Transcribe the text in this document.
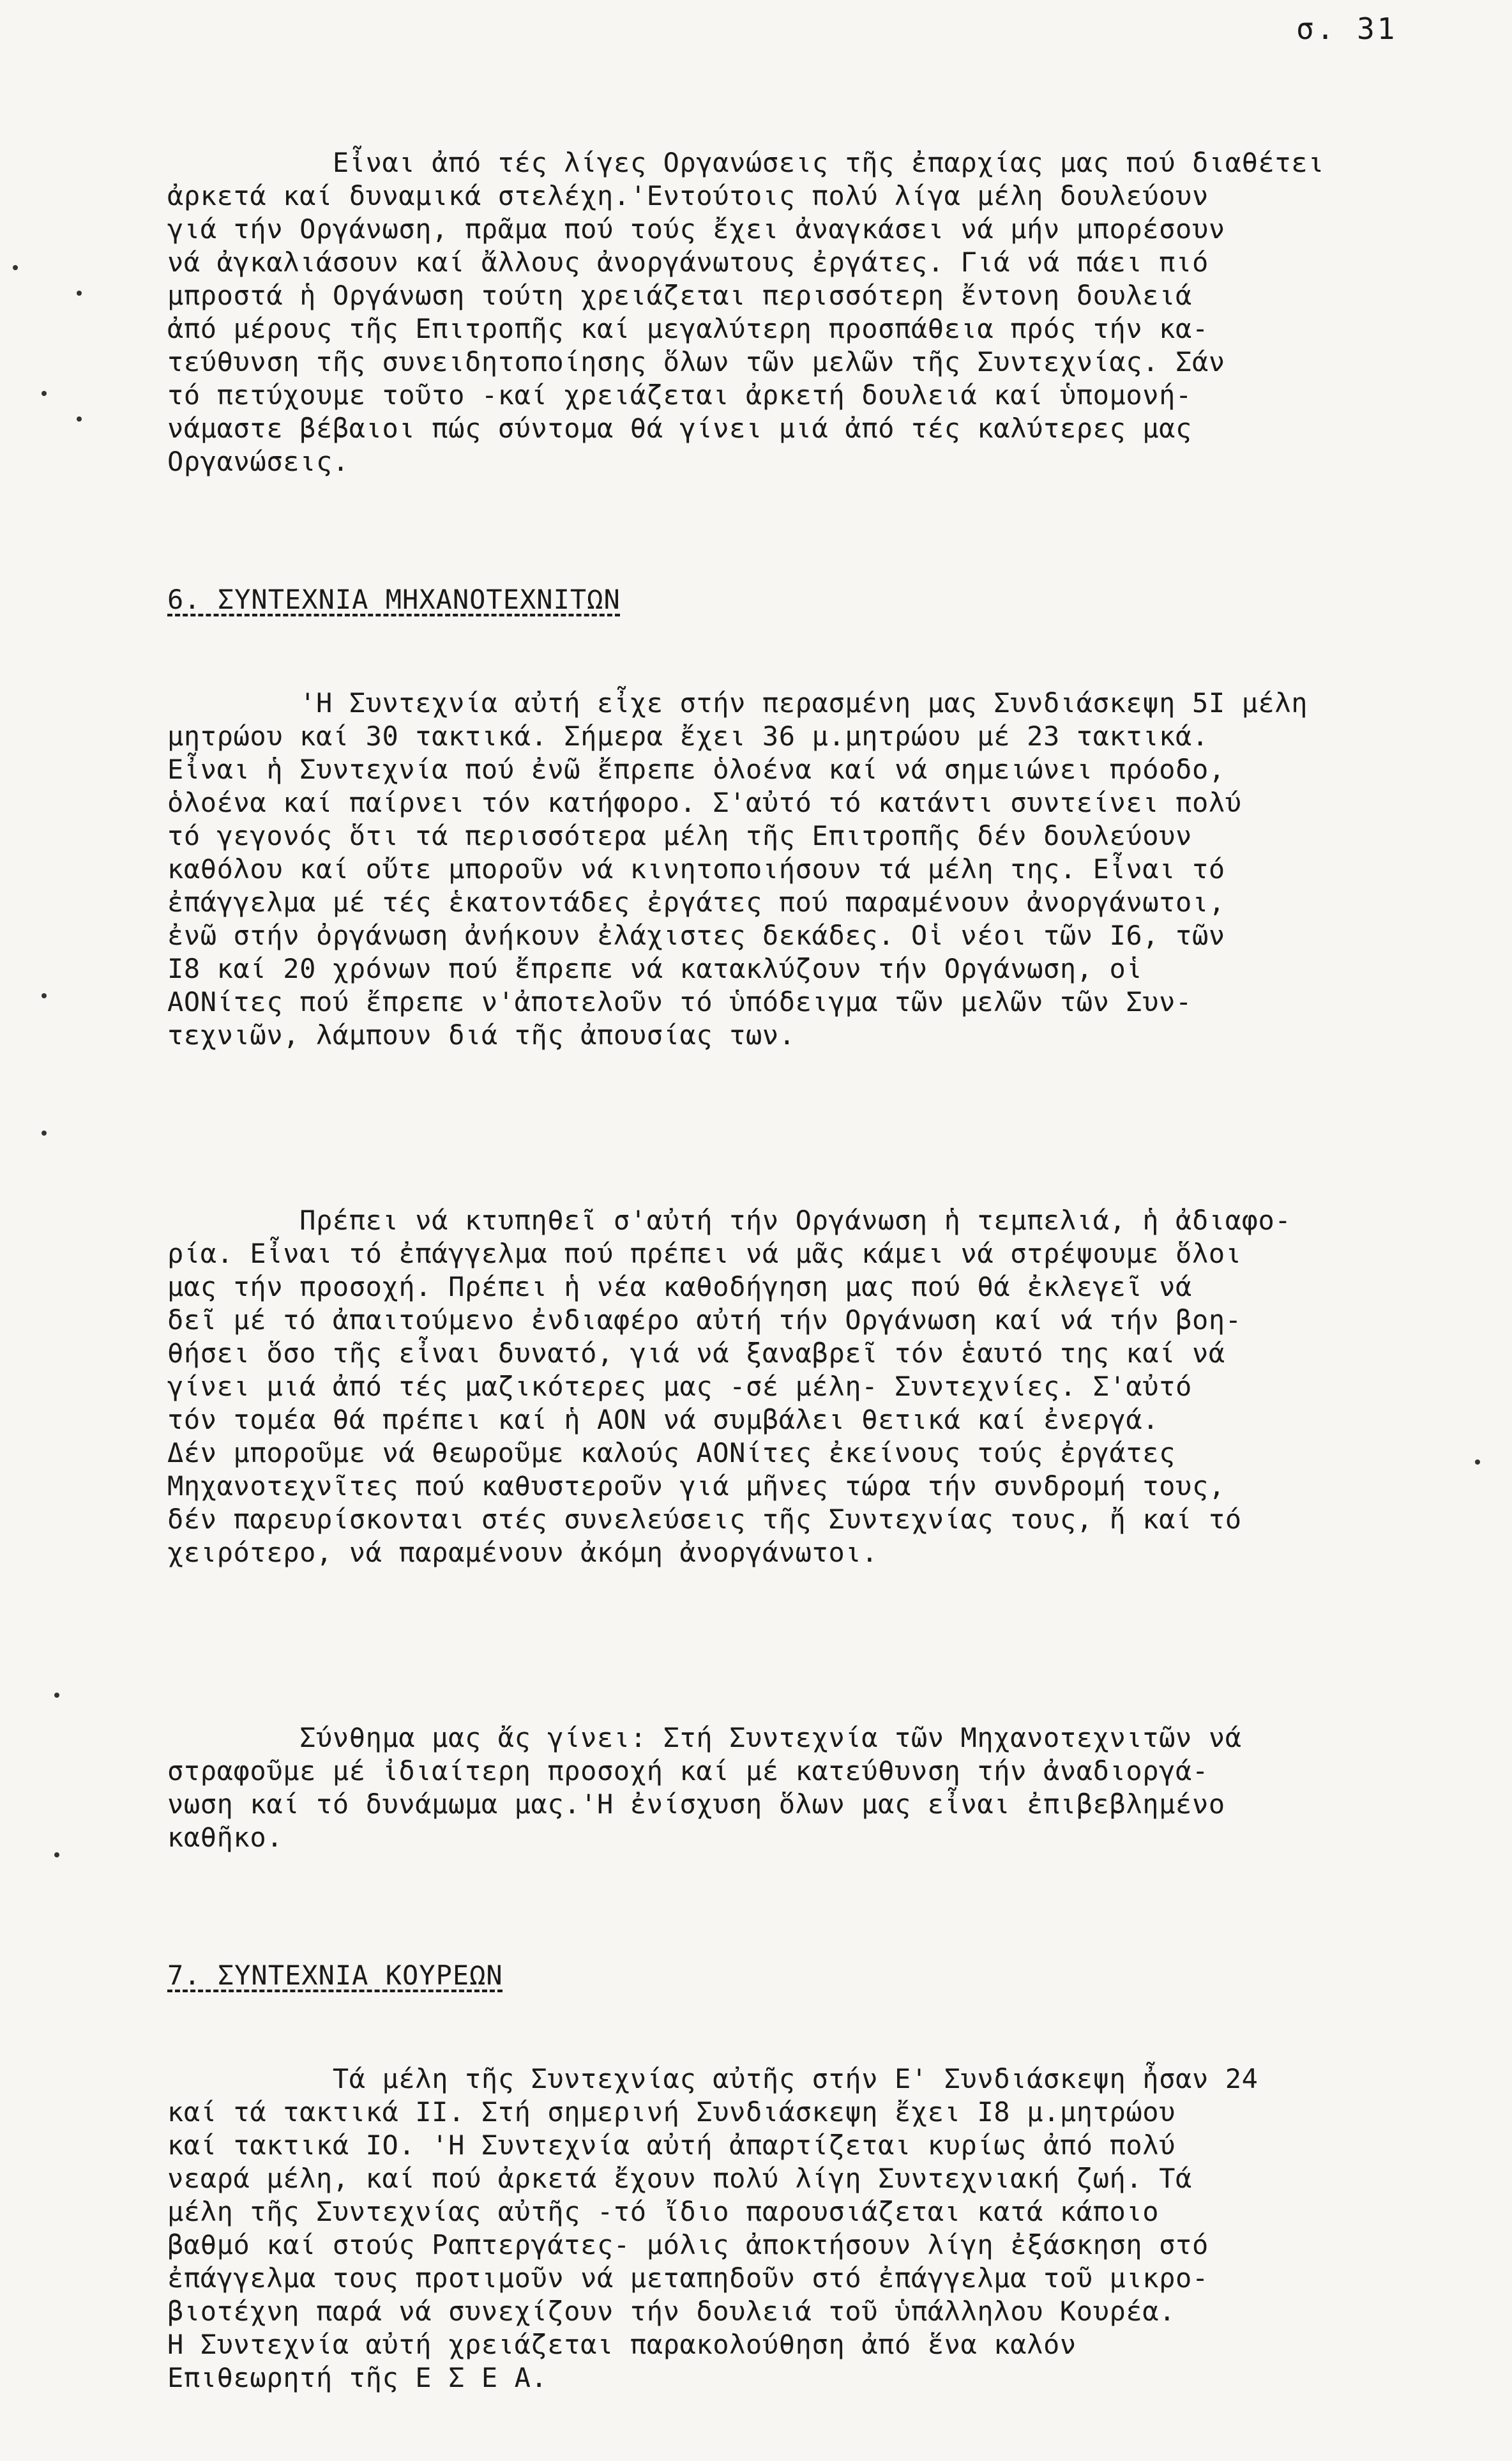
σ. 31

Εἶναι ἀπό τές λίγες Οργανώσεις τῆς ἐπαρχίας μας πού διαθέτει
ἀρκετά καί δυναμικά στελέχη.'Εντούτοις πολύ λίγα μέλη δουλεύουν
γιά τήν Οργάνωση, πρᾶμα πού τούς ἔχει ἀναγκάσει νά μήν μπορέσουν
νά ἀγκαλιάσουν καί ἄλλους ἀνοργάνωτους ἐργάτες. Γιά νά πάει πιό
μπροστά ἡ Οργάνωση τούτη χρειάζεται περισσότερη ἔντονη δουλειά
ἀπό μέρους τῆς Επιτροπῆς καί μεγαλύτερη προσπάθεια πρός τήν κα-
τεύθυνση τῆς συνειδητοποίησης ὅλων τῶν μελῶν τῆς Συντεχνίας. Σάν
τό πετύχουμε τοῦτο -καί χρειάζεται ἀρκετή δουλειά καί ὑπομονή-
νάμαστε βέβαιοι πώς σύντομα θά γίνει μιά ἀπό τές καλύτερες μας
Οργανώσεις.

6. ΣΥΝΤΕΧΝΙΑ ΜΗΧΑΝΟΤΕΧΝΙΤΩΝ

'Η Συντεχνία αὐτή εἶχε στήν περασμένη μας Συνδιάσκεψη 5Ι μέλη
μητρώου καί 30 τακτικά. Σήμερα ἔχει 36 μ.μητρώου μέ 23 τακτικά.
Εἶναι ἡ Συντεχνία πού ἐνῶ ἔπρεπε ὁλοένα καί νά σημειώνει πρόοδο,
ὁλοένα καί παίρνει τόν κατήφορο. Σ'αὐτό τό κατάντι συντείνει πολύ
τό γεγονός ὅτι τά περισσότερα μέλη τῆς Επιτροπῆς δέν δουλεύουν
καθόλου καί οὔτε μποροῦν νά κινητοποιήσουν τά μέλη της. Εἶναι τό
ἐπάγγελμα μέ τές ἑκατοντάδες ἐργάτες πού παραμένουν ἀνοργάνωτοι,
ἐνῶ στήν ὀργάνωση ἀνήκουν ἐλάχιστες δεκάδες. Οἱ νέοι τῶν Ι6, τῶν
Ι8 καί 20 χρόνων πού ἔπρεπε νά κατακλύζουν τήν Οργάνωση, οἱ
ΑΟΝίτες πού ἔπρεπε ν'ἀποτελοῦν τό ὑπόδειγμα τῶν μελῶν τῶν Συν-
τεχνιῶν, λάμπουν διά τῆς ἀπουσίας των.

Πρέπει νά κτυπηθεῖ σ'αὐτή τήν Οργάνωση ἡ τεμπελιά, ἡ ἀδιαφο-
ρία. Εἶναι τό ἐπάγγελμα πού πρέπει νά μᾶς κάμει νά στρέψουμε ὅλοι
μας τήν προσοχή. Πρέπει ἡ νέα καθοδήγηση μας πού θά ἐκλεγεῖ νά
δεῖ μέ τό ἀπαιτούμενο ἐνδιαφέρο αὐτή τήν Οργάνωση καί νά τήν βοη-
θήσει ὅσο τῆς εἶναι δυνατό, γιά νά ξαναβρεῖ τόν ἑαυτό της καί νά
γίνει μιά ἀπό τές μαζικότερες μας -σέ μέλη- Συντεχνίες. Σ'αὐτό
τόν τομέα θά πρέπει καί ἡ ΑΟΝ νά συμβάλει θετικά καί ἐνεργά.
Δέν μποροῦμε νά θεωροῦμε καλούς ΑΟΝίτες ἐκείνους τούς ἐργάτες
Μηχανοτεχνῖτες πού καθυστεροῦν γιά μῆνες τώρα τήν συνδρομή τους,
δέν παρευρίσκονται στές συνελεύσεις τῆς Συντεχνίας τους, ἤ καί τό
χειρότερο, νά παραμένουν ἀκόμη ἀνοργάνωτοι.

Σύνθημα μας ἄς γίνει: Στή Συντεχνία τῶν Μηχανοτεχνιτῶν νά
στραφοῦμε μέ ἰδιαίτερη προσοχή καί μέ κατεύθυνση τήν ἀναδιοργά-
νωση καί τό δυνάμωμα μας.'Η ἐνίσχυση ὅλων μας εἶναι ἐπιβεβλημένο
καθῆκο.

7. ΣΥΝΤΕΧΝΙΑ ΚΟΥΡΕΩΝ

Τά μέλη τῆς Συντεχνίας αὐτῆς στήν Ε' Συνδιάσκεψη ἦσαν 24
καί τά τακτικά ΙΙ. Στή σημερινή Συνδιάσκεψη ἔχει Ι8 μ.μητρώου
καί τακτικά ΙΟ. 'Η Συντεχνία αὐτή ἀπαρτίζεται κυρίως ἀπό πολύ
νεαρά μέλη, καί πού ἀρκετά ἔχουν πολύ λίγη Συντεχνιακή ζωή. Τά
μέλη τῆς Συντεχνίας αὐτῆς -τό ἴδιο παρουσιάζεται κατά κάποιο
βαθμό καί στούς Ραπτεργάτες- μόλις ἀποκτήσουν λίγη ἐξάσκηση στό
ἐπάγγελμα τους προτιμοῦν νά μεταπηδοῦν στό ἐπάγγελμα τοῦ μικρο-
βιοτέχνη παρά νά συνεχίζουν τήν δουλειά τοῦ ὑπάλληλου Κουρέα.
Η Συντεχνία αὐτή χρειάζεται παρακολούθηση ἀπό ἕνα καλόν
Επιθεωρητή τῆς Ε Σ Ε Α.
